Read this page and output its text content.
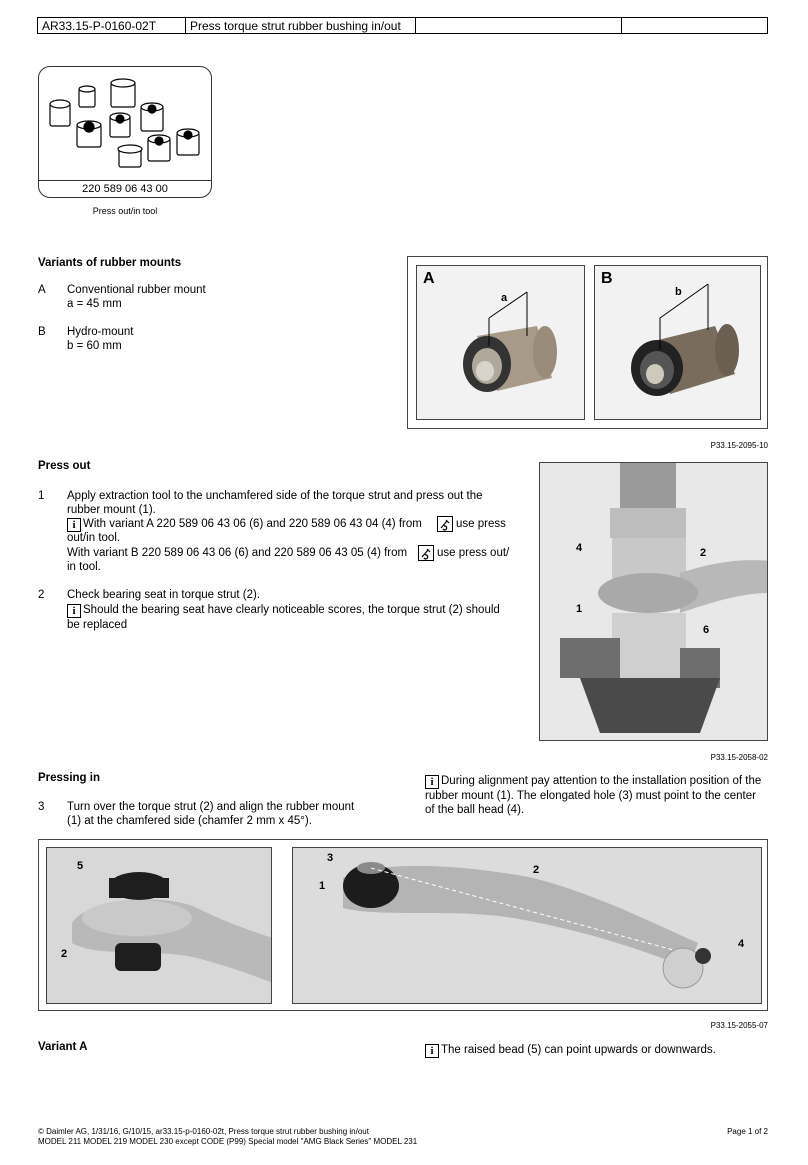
AR33.15-P-0160-02T	Press torque strut rubber bushing in/out
220 589 06 43 00
Press out/in tool
Variants of rubber mounts
A Conventional rubber mount
a = 45 mm
B Hydro-mount
b = 60 mm
A
a
B
b
P33.15-2095-10
Press out
1 Apply extraction tool to the unchamfered side of the torque strut and press out the rubber mount (1).
i With variant A 220 589 06 43 06 (6) and 220 589 06 43 04 (4) from	use press
out/in tool.
With variant B 220 589 06 43 06 (6) and 220 589 06 43 05 (4) from	use press out/
in tool.
2 Check bearing seat in torque strut (2).
i Should the bearing seat have clearly noticeable scores, the torque strut (2) should be replaced
4	2
1
6
P33.15-2058-02
Pressing in
3 Turn over the torque strut (2) and align the rubber mount (1) at the chamfered side (chamfer 2 mm x 45°).
i During alignment pay attention to the installation position of the rubber mount (1). The elongated hole (3) must point to the center of the ball head (4).
5
2
3
1
2
4
P33.15-2055-07
Variant A	i The raised bead (5) can point upwards or downwards.
© Daimler AG, 1/31/16, G/10/15, ar33.15-p-0160-02t, Press torque strut rubber bushing in/out
MODEL 211 MODEL 219 MODEL 230 except CODE (P99) Special model "AMG Black Series" MODEL 231
Page 1 of 2
